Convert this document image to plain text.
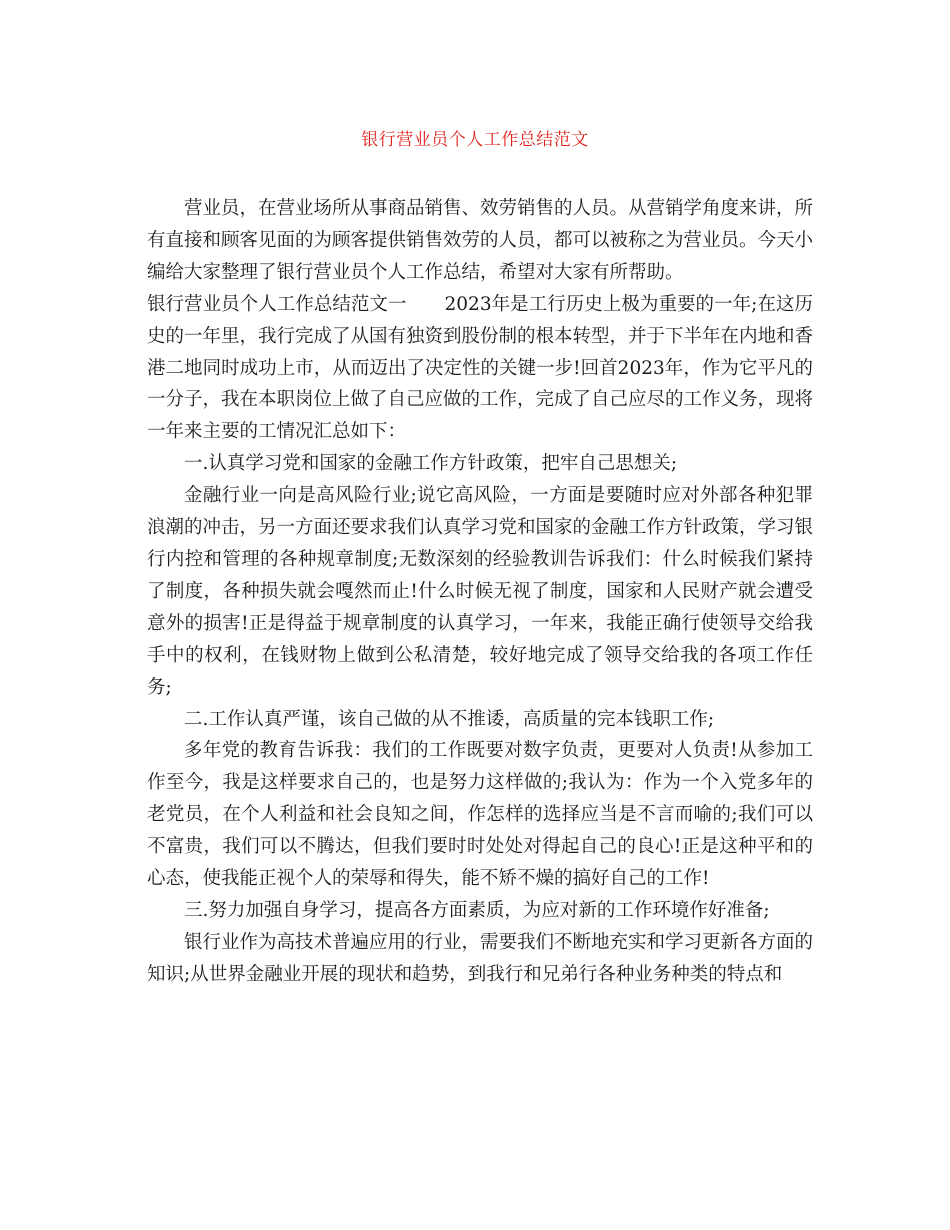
银行营业员个人工作总结范文

营业员，在营业场所从事商品销售、效劳销售的人员。从营销学角度来讲，所有直接和顾客见面的为顾客提供销售效劳的人员，都可以被称之为营业员。今天小编给大家整理了银行营业员个人工作总结，希望对大家有所帮助。

银行营业员个人工作总结范文一 2023年是工行历史上极为重要的一年;在这历史的一年里，我行完成了从国有独资到股份制的根本转型，并于下半年在内地和香港二地同时成功上市，从而迈出了决定性的关键一步!回首2023年，作为它平凡的一分子，我在本职岗位上做了自己应做的工作，完成了自己应尽的工作义务，现将一年来主要的工情况汇总如下：

一.认真学习党和国家的金融工作方针政策，把牢自己思想关;

金融行业一向是高风险行业;说它高风险，一方面是要随时应对外部各种犯罪浪潮的冲击，另一方面还要求我们认真学习党和国家的金融工作方针政策，学习银行内控和管理的各种规章制度;无数深刻的经验教训告诉我们：什么时候我们紧持了制度，各种损失就会嘎然而止!什么时候无视了制度，国家和人民财产就会遭受意外的损害!正是得益于规章制度的认真学习，一年来，我能正确行使领导交给我手中的权利，在钱财物上做到公私清楚，较好地完成了领导交给我的各项工作任务;

二.工作认真严谨，该自己做的从不推诿，高质量的完本钱职工作;

多年党的教育告诉我：我们的工作既要对数字负责，更要对人负责!从参加工作至今，我是这样要求自己的，也是努力这样做的;我认为：作为一个入党多年的老党员，在个人利益和社会良知之间，作怎样的选择应当是不言而喻的;我们可以不富贵，我们可以不腾达，但我们要时时处处对得起自己的良心!正是这种平和的心态，使我能正视个人的荣辱和得失，能不矫不燥的搞好自己的工作!

三.努力加强自身学习，提高各方面素质，为应对新的工作环境作好准备;

银行业作为高技术普遍应用的行业，需要我们不断地充实和学习更新各方面的知识;从世界金融业开展的现状和趋势，到我行和兄弟行各种业务种类的特点和
